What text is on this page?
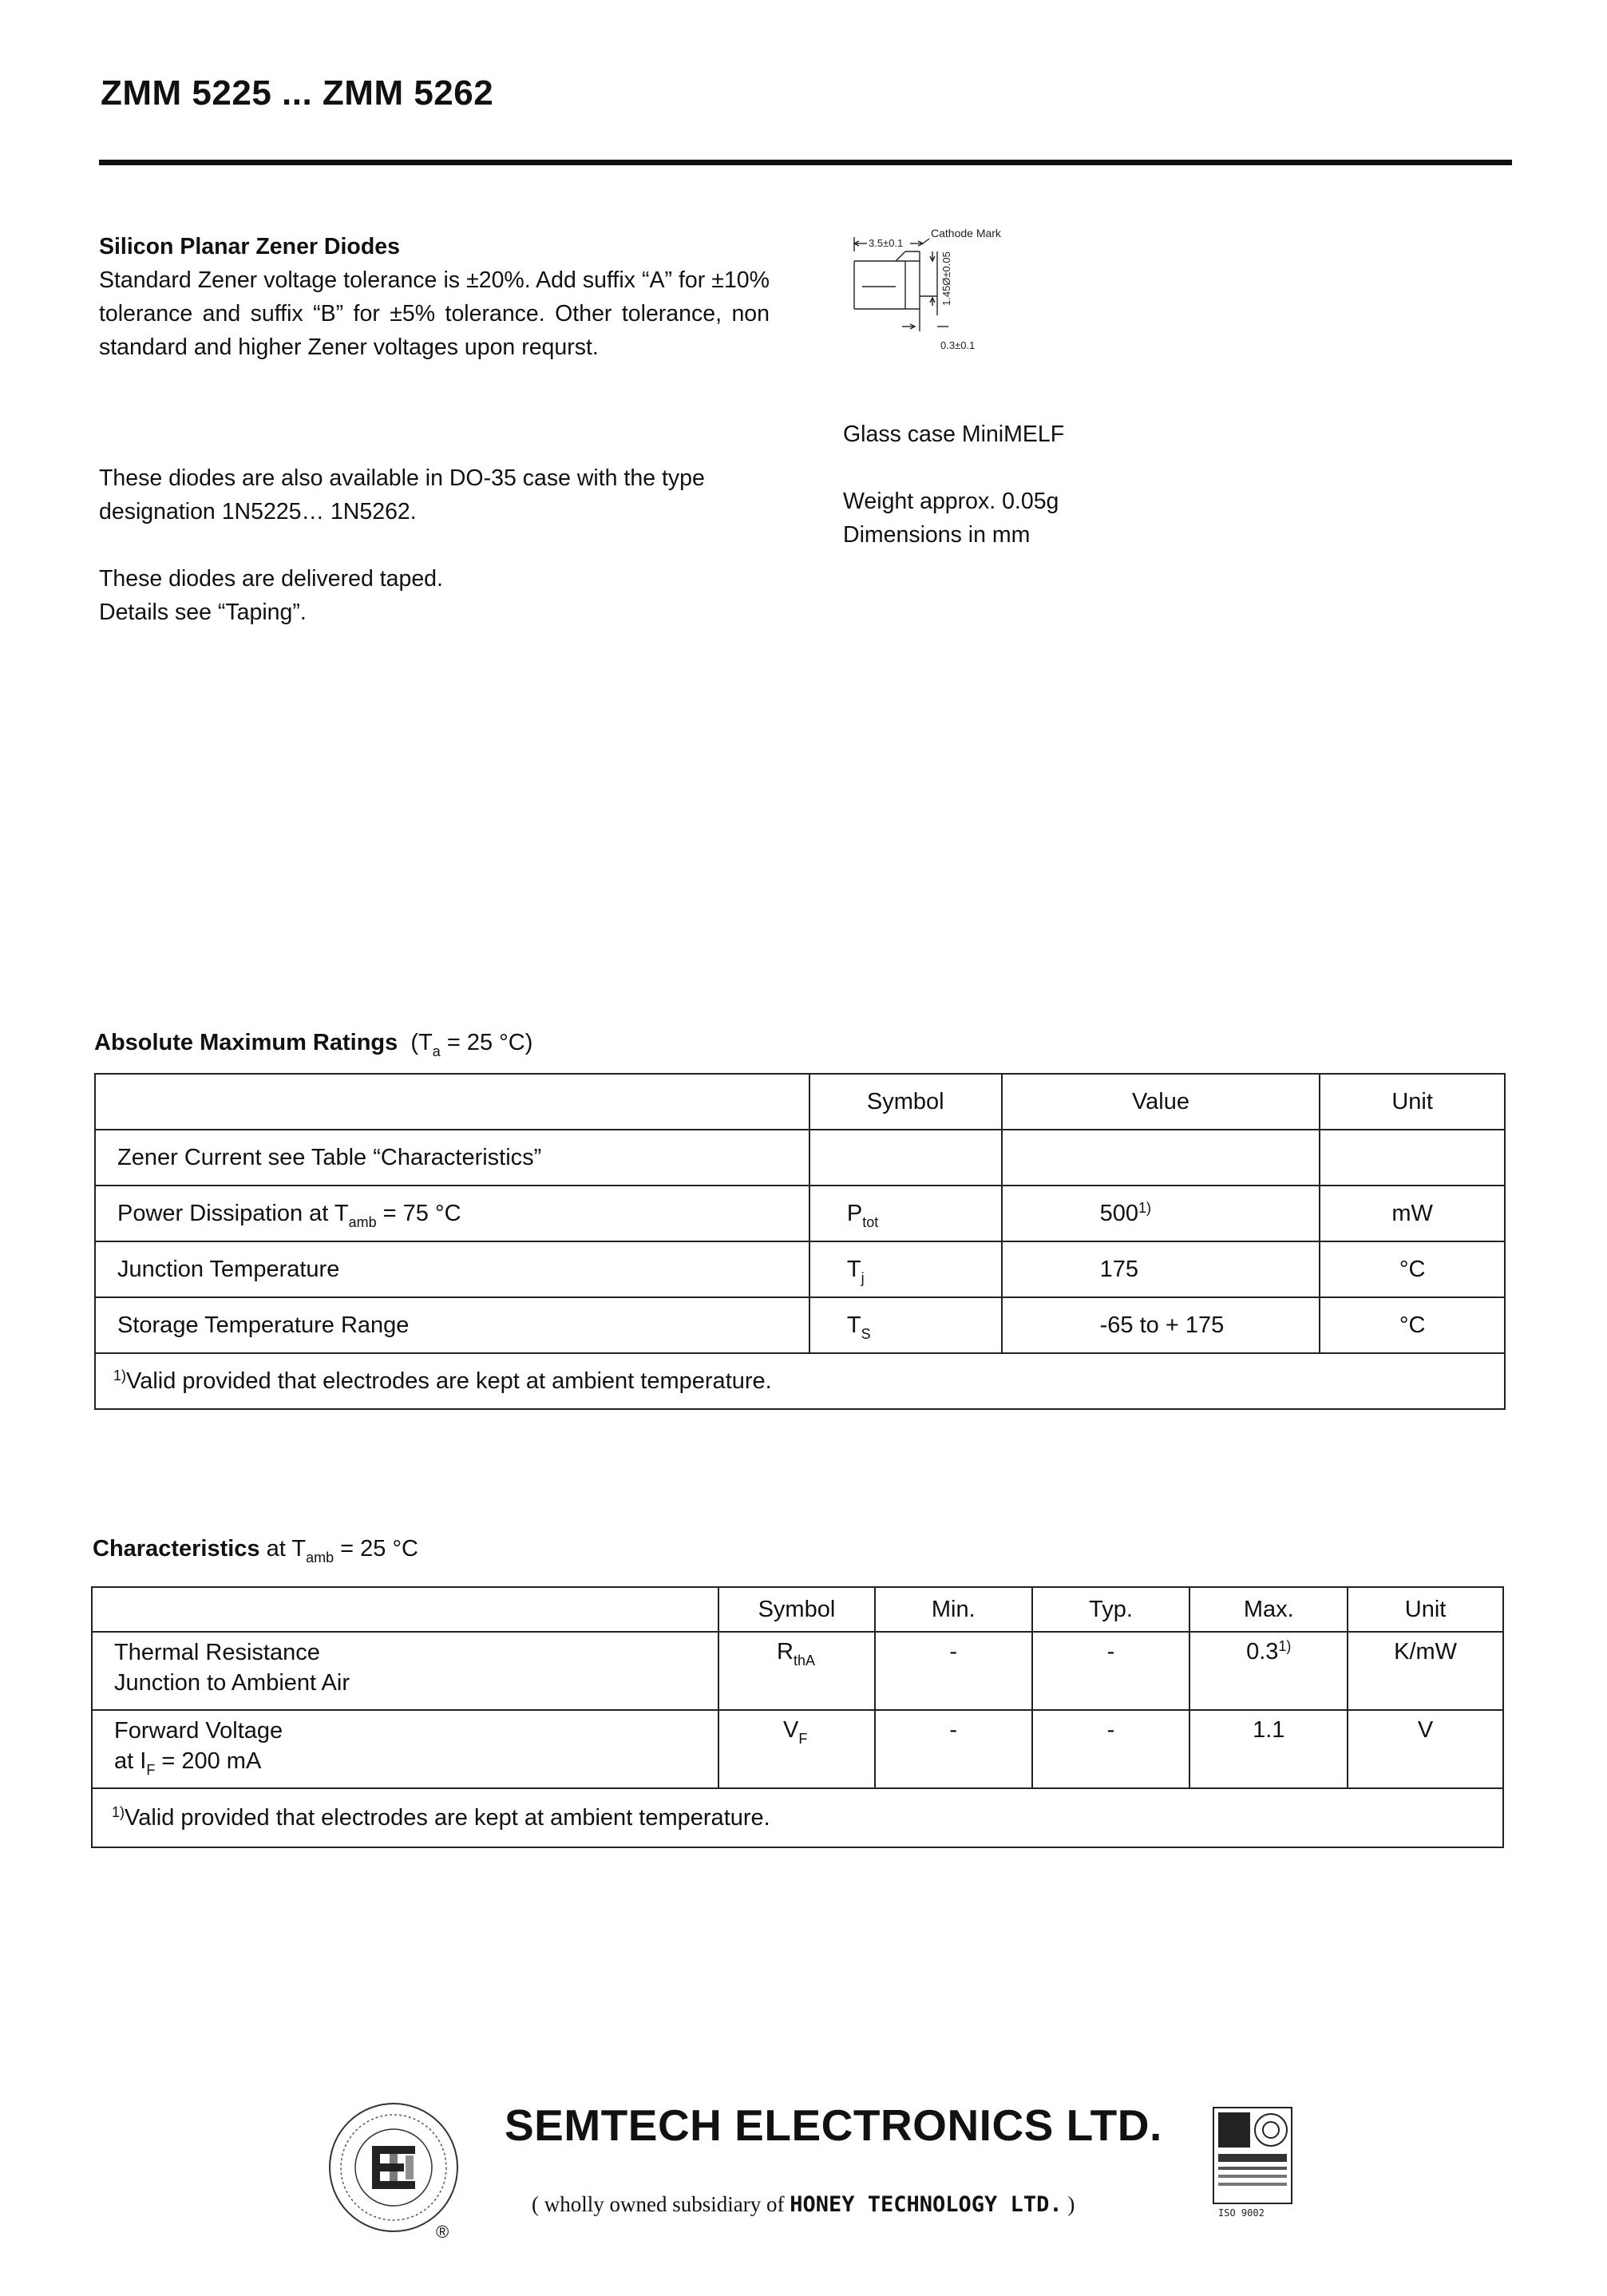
ZMM 5225 ... ZMM 5262
Silicon Planar Zener Diodes
Standard Zener voltage tolerance is ±20%. Add suffix “A” for ±10% tolerance and suffix “B” for ±5% tolerance. Other tolerance, non standard and higher Zener voltages upon requrst.
These diodes are also available in DO-35 case with the type designation 1N5225… 1N5262.
These diodes are delivered taped.
Details see “Taping”.
3.5±0.1
Cathode Mark
1.45Ø±0.05
0.3±0.1
Glass case MiniMELF
Weight approx. 0.05g
Dimensions in mm
Absolute Maximum Ratings ($T_a = 25$ °C)
	Symbol	Value	Unit
Zener Current see Table “Characteristics”			
Power Dissipation at $T_{amb} = 75$ °C	$P_{tot}$	500$^{1)}$	mW
Junction Temperature	$T_j$	175	°C
Storage Temperature Range	$T_S$	-65 to + 175	°C
$^{1)}$Valid provided that electrodes are kept at ambient temperature.			
Characteristics at $T_{amb} = 25$ °C
	Symbol	Min.	Typ.	Max.	Unit

Thermal Resistance
Junction to Ambient Air	$R_{thA}$	-	-	0.3$^{1)}$	K/mW

Forward Voltage
at $I_F = 200$ mA	$V_F$	-	-	1.1	V
$^{1)}$Valid provided that electrodes are kept at ambient temperature.					
®
SEMTECH ELECTRONICS LTD.
( wholly owned subsidiary of HONEY TECHNOLOGY LTD. )	ISO 9002
